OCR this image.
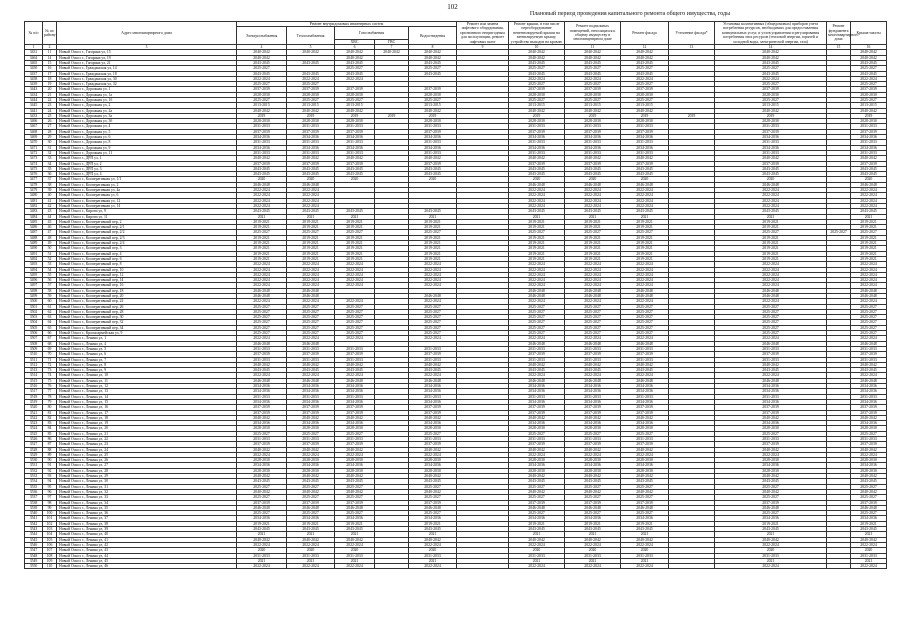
102
Плановый период проведения капитального ремонта общего имущества, годы
№ п/п	№ по району	Адрес многоквартирного дома	Ремонт внутридомовых инженерных систем					Ремонт или замена лифтового оборудования, признанного непригодным для эксплуатации, ремонт лифтовых шахт	Ремонт крыши, в том числе переоборудование невентилируемой крыши на вентилируемую крышу, устройство выходов на кровлю	Ремонт подвальных помещений, относящихся к общему имуществу в многоквартирном доме	Ремонт фасада	Утепление фасада*	Установка коллективных (общедомовых) приборов учета потребления ресурсов, необходимых для предоставления коммунальных услуг, и узлов управления и регулирования потребления этих ресурсов (тепловой энергии, горячей и холодной воды, электрической энергии, газа)	Ремонт фундамента многоквартирного дома	Крыша-шахты
			Электроснабжения	Теплоснабжения	Газоснабжения		Водоотведения								
					ХВС	ГВС									
1	2	3	4	5	6	7	8	9	10	11	12	13	14	15	16
3431	11	Новый Оскол г., Гагарина ул, 15	2040-2042	2040-2042	2040-2042	2040-2042	2040-2042		2040-2042	2040-2042	2040-2042		2040-2042		2040-2042
3464	14	Новый Оскол г., Гагарина ул, 19	2040-2042		2040-2042		2040-2042		2040-2042	2040-2042	2040-2042		2040-2042		2040-2042
3465	15	Новый Оскол г., Гагарина ул, 21	2043-2045	2043-2045	2043-2045		2043-2045		2043-2045	2043-2045	2043-2045		2043-2045		2043-2045
3450	16	Новый Оскол г., Гражданская ул, 14	2025-2027		2025-2027		2025-2027		2025-2027	2025-2027	2025-2027		2025-2027		2025-2027
3437	17	Новый Оскол г., Гражданская ул, 18	2043-2045	2043-2045	2043-2045		2043-2045		2043-2045	2043-2045	2043-2045		2043-2045		2043-2045
3458	18	Новый Оскол г., Гражданская ул, 30	2022-2024	2022-2024	2022-2024				2022-2024	2022-2024	2022-2024		2022-2024		2022-2024
3439	19	Новый Оскол г., Гражданская ул, 32	2025-2027	2025-2027					2025-2027	2025-2027	2025-2027		2025-2027		2025-2027
3443	20	Новый Оскол г., Дорожная ул, 1	2037-2039	2037-2039	2037-2039		2037-2039		2037-2039	2037-2039	2037-2039		2037-2039		2037-2039
3434	21	Новый Оскол г., Дорожная ул, 1а	2028-2030	2028-2030	2028-2030		2028-2030		2028-2030	2028-2030	2028-2030		2028-2030		2028-2030
3444	22	Новый Оскол г., Дорожная ул, 1б	2025-2027	2025-2027	2025-2027		2025-2027		2025-2027	2025-2027	2025-2027		2025-2027		2025-2027
3445	23	Новый Оскол г., Дорожная ул, 2	2013-2015	2013-2015	2013-2015		2013-2015		2013-2015	2013-2015	2013-2015		2013-2015		2013-2015
3441	24	Новый Оскол г., Дорожная ул, 2а	2040-2042	2040-2042	2040-2042		2040-2042		2040-2042	2040-2042	2040-2042		2040-2042		2040-2042
3433	25	Новый Оскол г., Дорожная ул, 3а	2019	2019	2019	2019	2019		2019	2019	2019	2019	2019		2019
3466	26	Новый Оскол г., Дорожная ул, 3б	2028-2030	2028-2030	2028-2030		2028-2030		2028-2030	2028-2030	2028-2030		2028-2030		2028-2030
3467	27	Новый Оскол г., Дорожная ул, 4	2031-2033	2031-2033	2031-2033		2031-2033		2031-2033	2031-2033	2031-2033		2031-2033		2031-2033
3468	28	Новый Оскол г., Дорожная ул, 5	2037-2039	2037-2039	2037-2039		2037-2039		2037-2039	2037-2039	2037-2039		2037-2039		2037-2039
3469	29	Новый Оскол г., Дорожная ул, 6	2034-2036	2034-2036	2034-2036		2034-2036		2034-2036	2034-2036	2034-2036		2034-2036		2034-2036
3470	30	Новый Оскол г., Дорожная ул, 8	2031-2033	2031-2033	2031-2033		2031-2033		2031-2033	2031-2033	2031-2033		2031-2033		2031-2033
3471	31	Новый Оскол г., Дорожная ул, 9	2034-2036	2034-2036	2034-2036		2034-2036		2034-2036	2034-2036	2034-2036		2034-2036		2034-2036
3472	32	Новый Оскол г., Дорожная ул, 11	2031-2033	2031-2033	2031-2033		2031-2033		2031-2033	2031-2033	2031-2033		2031-2033		2031-2033
3473	33	Новый Оскол г., ДРП ул, 1	2040-2042	2040-2042	2040-2042		2040-2042		2040-2042	2040-2042	2040-2042		2040-2042		2040-2042
3474	34	Новый Оскол г., ДРП ул, 2	2037-2039	2037-2039	2037-2039		2037-2039		2037-2039	2037-2039	2037-2039		2037-2039		2037-2039
3475	35	Новый Оскол г., ДРП ул, 3	2043-2045	2043-2045	2043-2045		2043-2045		2043-2045	2043-2045	2043-2045		2043-2045		2043-2045
3476	36	Новый Оскол г., ДРП ул, 4	2043-2045	2043-2045	2043-2045		2043-2045		2043-2045	2043-2045	2043-2045		2043-2045		2043-2045
3477	37	Новый Оскол г., Кооперативная ул, 1/1	2020	2020	2020		2020		2020	2020	2020		2020		2020
3478	38	Новый Оскол г., Кооперативная ул, 2	2046-2048	2046-2048					2046-2048	2046-2048	2046-2048		2046-2048		2046-2048
3479	39	Новый Оскол г., Кооперативная ул, 4а	2022-2024	2022-2024					2022-2024	2022-2024	2022-2024		2022-2024		2022-2024
3480	40	Новый Оскол г., Кооперативная ул, 6	2022-2024	2022-2024					2022-2024	2022-2024	2022-2024		2022-2024		2022-2024
3481	41	Новый Оскол г., Кооперативная ул, 12	2022-2024	2022-2024					2022-2024	2022-2024	2022-2024		2022-2024		2022-2024
3482	42	Новый Оскол г., Кооперативная ул, 14	2022-2024	2022-2024					2022-2024	2022-2024	2022-2024		2022-2024		2022-2024
3483	43	Новый Оскол г., Кирова ул, 9	2043-2045	2043-2045	2043-2045		2043-2045		2043-2045	2043-2045	2043-2045		2043-2045		2043-2045
3484	44	Новый Оскол г., Кирова ул, 11	2021	2021	2021		2021		2021	2021	2021		2021		2021
3485	45	Новый Оскол г., Кооперативный пер, 2	2019-2021	2019-2021	2019-2021		2019-2021		2019-2021	2019-2021	2019-2021		2019-2021		2019-2021
3486	46	Новый Оскол г., Кооперативный пер, 2/1	2019-2021	2019-2021	2019-2021		2019-2021		2019-2021	2019-2021	2019-2021		2019-2021		2019-2021
3487	47	Новый Оскол г., Кооперативный пер, 2/2	2025-2027	2025-2027	2025-2027		2025-2027		2025-2027	2025-2027	2025-2027		2025-2027	2025-2027	2025-2027
3488	48	Новый Оскол г., Кооперативный пер, 2/3	2019-2021	2019-2021	2019-2021		2019-2021		2019-2021	2019-2021	2019-2021		2019-2021		2019-2021
3489	49	Новый Оскол г., Кооперативный пер, 2/4	2019-2021	2019-2021	2019-2021		2019-2021		2019-2021	2019-2021	2019-2021		2019-2021		2019-2021
3490	50	Новый Оскол г., Кооперативный пер, 3	2019-2021	2019-2021	2019-2021		2019-2021		2019-2021	2019-2021	2019-2021		2019-2021		2019-2021
3491	51	Новый Оскол г., Кооперативный пер, 4	2019-2021	2019-2021	2019-2021		2019-2021		2019-2021	2019-2021	2019-2021		2019-2021		2019-2021
3492	52	Новый Оскол г., Кооперативный пер, 6	2019-2021	2019-2021	2019-2021		2019-2021		2019-2021	2019-2021	2019-2021		2019-2021		2019-2021
3493	53	Новый Оскол г., Кооперативный пер, 8	2022-2024	2022-2024	2022-2024		2022-2024		2022-2024	2022-2024	2022-2024		2022-2024		2022-2024
3494	54	Новый Оскол г., Кооперативный пер, 10	2022-2024	2022-2024	2022-2024		2022-2024		2022-2024	2022-2024	2022-2024		2022-2024		2022-2024
3495	55	Новый Оскол г., Кооперативный пер, 12	2022-2024	2022-2024	2022-2024		2022-2024		2022-2024	2022-2024	2022-2024		2022-2024		2022-2024
3496	56	Новый Оскол г., Кооперативный пер, 14	2022-2024	2022-2024	2022-2024		2022-2024		2022-2024	2022-2024	2022-2024		2022-2024		2022-2024
3497	57	Новый Оскол г., Кооперативный пер, 16	2022-2024	2022-2024	2022-2024		2022-2024		2022-2024	2022-2024	2022-2024		2022-2024		2022-2024
3498	58	Новый Оскол г., Кооперативный пер, 18	2046-2048	2046-2048					2046-2048	2046-2048	2046-2048		2046-2048		2046-2048
3499	59	Новый Оскол г., Кооперативный пер, 20	2046-2048	2046-2048			2046-2048		2046-2048	2046-2048	2046-2048		2046-2048		2046-2048
3500	60	Новый Оскол г., Кооперативный пер, 22	2022-2024	2022-2024	2022-2024		2022-2024		2022-2024	2022-2024	2022-2024		2022-2024		2022-2024
3501	61	Новый Оскол г., Кооперативный пер, 26	2025-2027	2025-2027	2025-2027		2025-2027		2025-2027	2025-2027	2025-2027		2025-2027		2025-2027
3502	62	Новый Оскол г., Кооперативный пер, 28	2025-2027	2025-2027	2025-2027		2025-2027		2025-2027	2025-2027	2025-2027		2025-2027		2025-2027
3503	63	Новый Оскол г., Кооперативный пер, 30	2025-2027	2025-2027	2025-2027		2025-2027		2025-2027	2025-2027	2025-2027		2025-2027		2025-2027
3504	64	Новый Оскол г., Кооперативный пер, 32	2025-2027	2025-2027	2025-2027		2025-2027		2025-2027	2025-2027	2025-2027		2025-2027		2025-2027
3505	65	Новый Оскол г., Кооперативный пер, 34	2025-2027	2025-2027	2025-2027		2025-2027		2025-2027	2025-2027	2025-2027		2025-2027		2025-2027
3506	66	Новый Оскол г., Красноармейская ул, 9	2025-2027	2025-2027	2025-2027		2025-2027		2025-2027	2025-2027	2025-2027		2025-2027		2025-2027
3507	67	Новый Оскол г., Ленина ул, 1	2022-2024	2022-2024	2022-2024		2022-2024		2022-2024	2022-2024	2022-2024		2022-2024		2022-2024
3508	68	Новый Оскол г., Ленина ул, 4	2046-2048	2046-2048					2046-2048	2046-2048	2046-2048		2046-2048		2046-2048
3509	69	Новый Оскол г., Ленина ул, 5	2031-2033	2031-2033	2031-2033		2031-2033		2031-2033	2031-2033	2031-2033		2031-2033		2031-2033
3510	70	Новый Оскол г., Ленина ул, 6	2037-2039	2037-2039	2037-2039		2037-2039		2037-2039	2037-2039	2037-2039		2037-2039		2037-2039
3511	71	Новый Оскол г., Ленина ул, 7	2031-2033	2031-2033	2031-2033		2031-2033		2031-2033	2031-2033	2031-2033		2031-2033		2031-2033
3512	72	Новый Оскол г., Ленина ул, 8	2040-2042	2040-2042	2040-2042		2040-2042		2040-2042	2040-2042	2040-2042		2040-2042		2040-2042
3513	73	Новый Оскол г., Ленина ул, 9	2043-2045	2043-2045	2043-2045		2043-2045		2043-2045	2043-2045	2043-2045		2043-2045		2043-2045
3514	74	Новый Оскол г., Ленина ул, 10	2022-2024	2022-2024	2022-2024		2022-2024		2022-2024	2022-2024	2022-2024		2022-2024		2022-2024
3515	75	Новый Оскол г., Ленина ул, 11	2046-2048	2046-2048	2046-2048		2046-2048		2046-2048	2046-2048	2046-2048		2046-2048		2046-2048
3516	76	Новый Оскол г., Ленина ул, 12	2034-2036	2034-2036	2034-2036		2034-2036		2034-2036	2034-2036	2034-2036		2034-2036		2034-2036
3517	77	Новый Оскол г., Ленина ул, 13	2034-2036	2034-2036	2034-2036		2034-2036		2034-2036	2034-2036	2034-2036		2034-2036		2034-2036
3518	78	Новый Оскол г., Ленина ул, 14	2031-2033	2031-2033	2031-2033		2031-2033		2031-2033	2031-2033	2031-2033		2031-2033		2031-2033
3519	79	Новый Оскол г., Ленина ул, 15	2034-2036	2034-2036	2034-2036		2034-2036		2034-2036	2034-2036	2034-2036		2034-2036		2034-2036
3520	80	Новый Оскол г., Ленина ул, 16	2037-2039	2037-2039	2037-2039		2037-2039		2037-2039	2037-2039	2037-2039		2037-2039		2037-2039
3521	81	Новый Оскол г., Ленина ул, 17	2037-2039	2037-2039	2037-2039		2037-2039		2037-2039	2037-2039	2037-2039		2037-2039		2037-2039
3522	82	Новый Оскол г., Ленина ул, 18	2040-2042	2040-2042	2040-2042		2040-2042		2040-2042	2040-2042	2040-2042		2040-2042		2040-2042
3523	83	Новый Оскол г., Ленина ул, 19	2034-2036	2034-2036	2034-2036		2034-2036		2034-2036	2034-2036	2034-2036		2034-2036		2034-2036
3524	84	Новый Оскол г., Ленина ул, 20	2028-2030	2028-2030	2028-2030		2028-2030		2028-2030	2028-2030	2028-2030		2028-2030		2028-2030
3525	85	Новый Оскол г., Ленина ул, 21	2025-2027	2025-2027	2025-2027		2025-2027		2025-2027	2025-2027	2025-2027		2025-2027		2025-2027
3526	86	Новый Оскол г., Ленина ул, 22	2031-2033	2031-2033	2031-2033		2031-2033		2031-2033	2031-2033	2031-2033		2031-2033		2031-2033
3527	87	Новый Оскол г., Ленина ул, 23	2037-2039	2037-2039	2037-2039		2037-2039		2037-2039	2037-2039	2037-2039		2037-2039		2037-2039
3528	88	Новый Оскол г., Ленина ул, 24	2040-2042	2040-2042	2040-2042		2040-2042		2040-2042	2040-2042	2040-2042		2040-2042		2040-2042
3529	89	Новый Оскол г., Ленина ул, 25	2022-2024	2022-2024	2022-2024		2022-2024		2022-2024	2022-2024	2022-2024		2022-2024		2022-2024
3530	90	Новый Оскол г., Ленина ул, 26	2028-2030	2028-2030	2028-2030		2028-2030		2028-2030	2028-2030	2028-2030		2028-2030		2028-2030
3531	91	Новый Оскол г., Ленина ул, 27	2034-2036	2034-2036	2034-2036		2034-2036		2034-2036	2034-2036	2034-2036		2034-2036		2034-2036
3532	92	Новый Оскол г., Ленина ул, 28	2028-2030	2028-2030	2028-2030		2028-2030		2028-2030	2028-2030	2028-2030		2028-2030		2028-2030
3533	93	Новый Оскол г., Ленина ул, 29	2040-2042	2040-2042	2040-2042		2040-2042		2040-2042	2040-2042	2040-2042		2040-2042		2040-2042
3534	94	Новый Оскол г., Ленина ул, 30	2043-2045	2043-2045	2043-2045		2043-2045		2043-2045	2043-2045	2043-2045		2043-2045		2043-2045
3535	95	Новый Оскол г., Ленина ул, 31	2025-2027	2025-2027	2025-2027		2025-2027		2025-2027	2025-2027	2025-2027		2025-2027		2025-2027
3536	96	Новый Оскол г., Ленина ул, 32	2040-2042	2040-2042	2040-2042		2040-2042		2040-2042	2040-2042	2040-2042		2040-2042		2040-2042
3537	97	Новый Оскол г., Ленина ул, 33	2025-2027	2025-2027	2025-2027		2025-2027		2025-2027	2025-2027	2025-2027		2025-2027		2025-2027
3538	98	Новый Оскол г., Ленина ул, 34	2037-2039	2037-2039	2037-2039		2037-2039		2037-2039	2037-2039	2037-2039		2037-2039		2037-2039
3539	99	Новый Оскол г., Ленина ул, 35	2046-2048	2046-2048	2046-2048		2046-2048		2046-2048	2046-2048	2046-2048		2046-2048		2046-2048
3540	100	Новый Оскол г., Ленина ул, 36	2025-2027	2025-2027	2025-2027		2025-2027		2025-2027	2025-2027	2025-2027		2025-2027		2025-2027
3541	101	Новый Оскол г., Ленина ул, 37	2034-2036	2034-2036	2034-2036		2034-2036		2034-2036	2034-2036	2034-2036		2034-2036		2034-2036
3542	102	Новый Оскол г., Ленина ул, 38	2019-2021	2019-2021	2019-2021		2019-2021		2019-2021	2019-2021	2019-2021		2019-2021		2019-2021
3543	103	Новый Оскол г., Ленина ул, 39	2043-2045	2043-2045	2043-2045		2043-2045		2043-2045	2043-2045	2043-2045		2043-2045		2043-2045
3544	104	Новый Оскол г., Ленина ул, 40	2021	2021	2021		2021		2021	2021	2021		2021		2021
3545	105	Новый Оскол г., Ленина ул, 41	2040-2042	2040-2042	2040-2042		2040-2042		2040-2042	2040-2042	2040-2042		2040-2042		2040-2042
3546	106	Новый Оскол г., Ленина ул, 42	2022-2024	2022-2024	2022-2024		2022-2024		2022-2024	2022-2024	2022-2024		2022-2024		2022-2024
3547	107	Новый Оскол г., Ленина ул, 43	2020	2020	2020		2020		2020	2020	2020		2020		2020
3548	108	Новый Оскол г., Ленина ул, 44	2031-2033	2031-2033	2031-2033		2031-2033		2031-2033	2031-2033	2031-2033		2031-2033		2031-2033
3549	109	Новый Оскол г., Ленина ул, 45	2021	2021	2021		2021		2021	2021	2021		2021		2021
3550	110	Новый Оскол г., Ленина ул, 46	2022-2024	2022-2024	2022-2024		2022-2024		2022-2024	2022-2024	2022-2024		2022-2024		2022-2024
